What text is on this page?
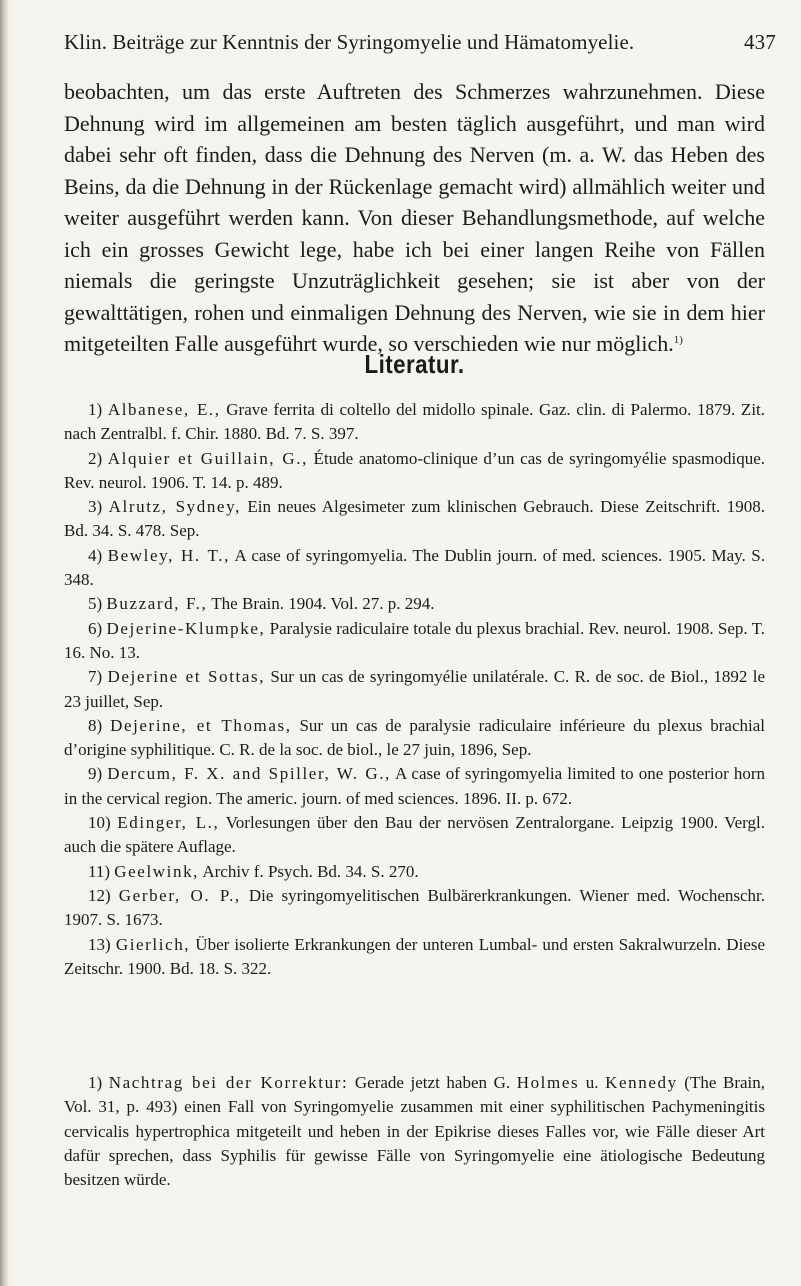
Klin. Beiträge zur Kenntnis der Syringomyelie und Hämatomyelie.	437

beobachten, um das erste Auftreten des Schmerzes wahrzunehmen. Diese Dehnung wird im allgemeinen am besten täglich ausgeführt, und man wird dabei sehr oft finden, dass die Dehnung des Nerven (m. a. W. das Heben des Beins, da die Dehnung in der Rückenlage gemacht wird) allmählich weiter und weiter ausgeführt werden kann. Von dieser Behandlungsmethode, auf welche ich ein grosses Gewicht lege, habe ich bei einer langen Reihe von Fällen niemals die geringste Unzuträglichkeit gesehen; sie ist aber von der gewalttätigen, rohen und einmaligen Dehnung des Nerven, wie sie in dem hier mitgeteilten Falle ausgeführt wurde, so verschieden wie nur möglich.$^{1)}$

Literatur.

1) Albanese, E., Grave ferrita di coltello del midollo spinale. Gaz. clin. di Palermo. 1879. Zit. nach Zentralbl. f. Chir. 1880. Bd. 7. S. 397.

2) Alquier et Guillain, G., Étude anatomo-clinique d’un cas de syringomyélie spasmodique. Rev. neurol. 1906. T. 14. p. 489.

3) Alrutz, Sydney, Ein neues Algesimeter zum klinischen Gebrauch. Diese Zeitschrift. 1908. Bd. 34. S. 478. Sep.

4) Bewley, H. T., A case of syringomyelia. The Dublin journ. of med. sciences. 1905. May. S. 348.

5) Buzzard, F., The Brain. 1904. Vol. 27. p. 294.

6) Dejerine-Klumpke, Paralysie radiculaire totale du plexus brachial. Rev. neurol. 1908. Sep. T. 16. No. 13.

7) Dejerine et Sottas, Sur un cas de syringomyélie unilatérale. C. R. de soc. de Biol., 1892 le 23 juillet, Sep.

8) Dejerine, et Thomas, Sur un cas de paralysie radiculaire inférieure du plexus brachial d’origine syphilitique. C. R. de la soc. de biol., le 27 juin, 1896, Sep.

9) Dercum, F. X. and Spiller, W. G., A case of syringomyelia limited to one posterior horn in the cervical region. The americ. journ. of med sciences. 1896. II. p. 672.

10) Edinger, L., Vorlesungen über den Bau der nervösen Zentralorgane. Leipzig 1900. Vergl. auch die spätere Auflage.

11) Geelwink, Archiv f. Psych. Bd. 34. S. 270.

12) Gerber, O. P., Die syringomyelitischen Bulbärerkrankungen. Wiener med. Wochenschr. 1907. S. 1673.

13) Gierlich, Über isolierte Erkrankungen der unteren Lumbal- und ersten Sakralwurzeln. Diese Zeitschr. 1900. Bd. 18. S. 322.

1) Nachtrag bei der Korrektur: Gerade jetzt haben G. Holmes u. Kennedy (The Brain, Vol. 31, p. 493) einen Fall von Syringomyelie zusammen mit einer syphilitischen Pachymeningitis cervicalis hypertrophica mitgeteilt und heben in der Epikrise dieses Falles vor, wie Fälle dieser Art dafür sprechen, dass Syphilis für gewisse Fälle von Syringomyelie eine ätiologische Bedeutung besitzen würde.
